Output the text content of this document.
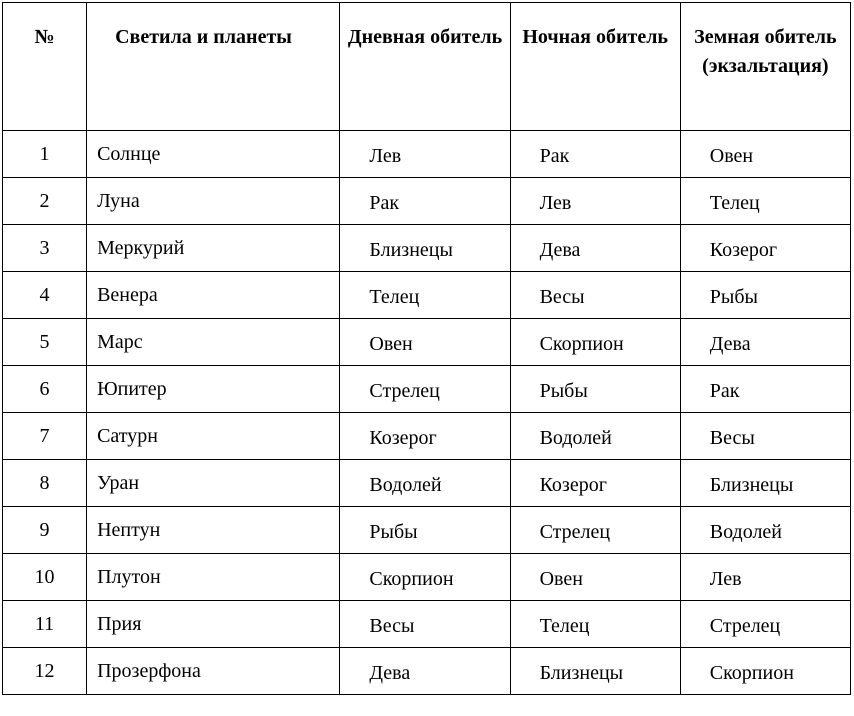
№	Светила и планеты	Дневная обитель	Ночная обитель	Земная обитель (экзальтация)
1	Солнце	Лев	Рак	Овен
2	Луна	Рак	Лев	Телец
3	Меркурий	Близнецы	Дева	Козерог
4	Венера	Телец	Весы	Рыбы
5	Марс	Овен	Скорпион	Дева
6	Юпитер	Стрелец	Рыбы	Рак
7	Сатурн	Козерог	Водолей	Весы
8	Уран	Водолей	Козерог	Близнецы
9	Нептун	Рыбы	Стрелец	Водолей
10	Плутон	Скорпион	Овен	Лев
11	Прия	Весы	Телец	Стрелец
12	Прозерфона	Дева	Близнецы	Скорпион
